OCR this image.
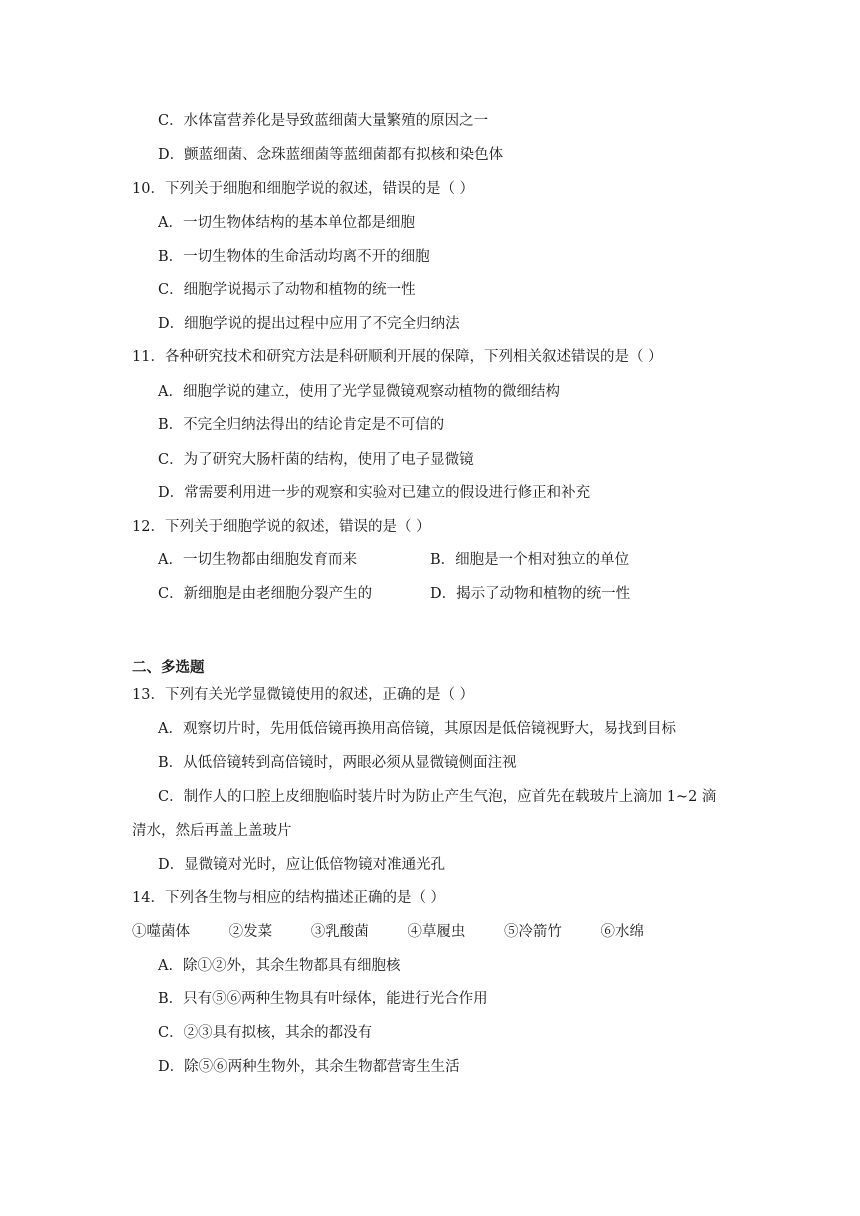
C．水体富营养化是导致蓝细菌大量繁殖的原因之一
D．颤蓝细菌、念珠蓝细菌等蓝细菌都有拟核和染色体
10．下列关于细胞和细胞学说的叙述，错误的是（ ）
A．一切生物体结构的基本单位都是细胞
B．一切生物体的生命活动均离不开的细胞
C．细胞学说揭示了动物和植物的统一性
D．细胞学说的提出过程中应用了不完全归纳法
11．各种研究技术和研究方法是科研顺利开展的保障，下列相关叙述错误的是（ ）
A．细胞学说的建立，使用了光学显微镜观察动植物的微细结构
B．不完全归纳法得出的结论肯定是不可信的
C．为了研究大肠杆菌的结构，使用了电子显微镜
D．常需要利用进一步的观察和实验对已建立的假设进行修正和补充
12．下列关于细胞学说的叙述，错误的是（ ）
A．一切生物都由细胞发育而来	B．细胞是一个相对独立的单位
C．新细胞是由老细胞分裂产生的	D．揭示了动物和植物的统一性
二、多选题
13．下列有关光学显微镜使用的叙述，正确的是（ ）
A．观察切片时，先用低倍镜再换用高倍镜，其原因是低倍镜视野大，易找到目标
B．从低倍镜转到高倍镜时，两眼必须从显微镜侧面注视
C．制作人的口腔上皮细胞临时装片时为防止产生气泡，应首先在载玻片上滴加 1~2 滴
清水，然后再盖上盖玻片
D．显微镜对光时，应让低倍物镜对准通光孔
14．下列各生物与相应的结构描述正确的是（ ）
①噬菌体	②发菜	③乳酸菌	④草履虫	⑤冷箭竹	⑥水绵
A．除①②外，其余生物都具有细胞核
B．只有⑤⑥两种生物具有叶绿体，能进行光合作用
C．②③具有拟核，其余的都没有
D．除⑤⑥两种生物外，其余生物都营寄生生活
